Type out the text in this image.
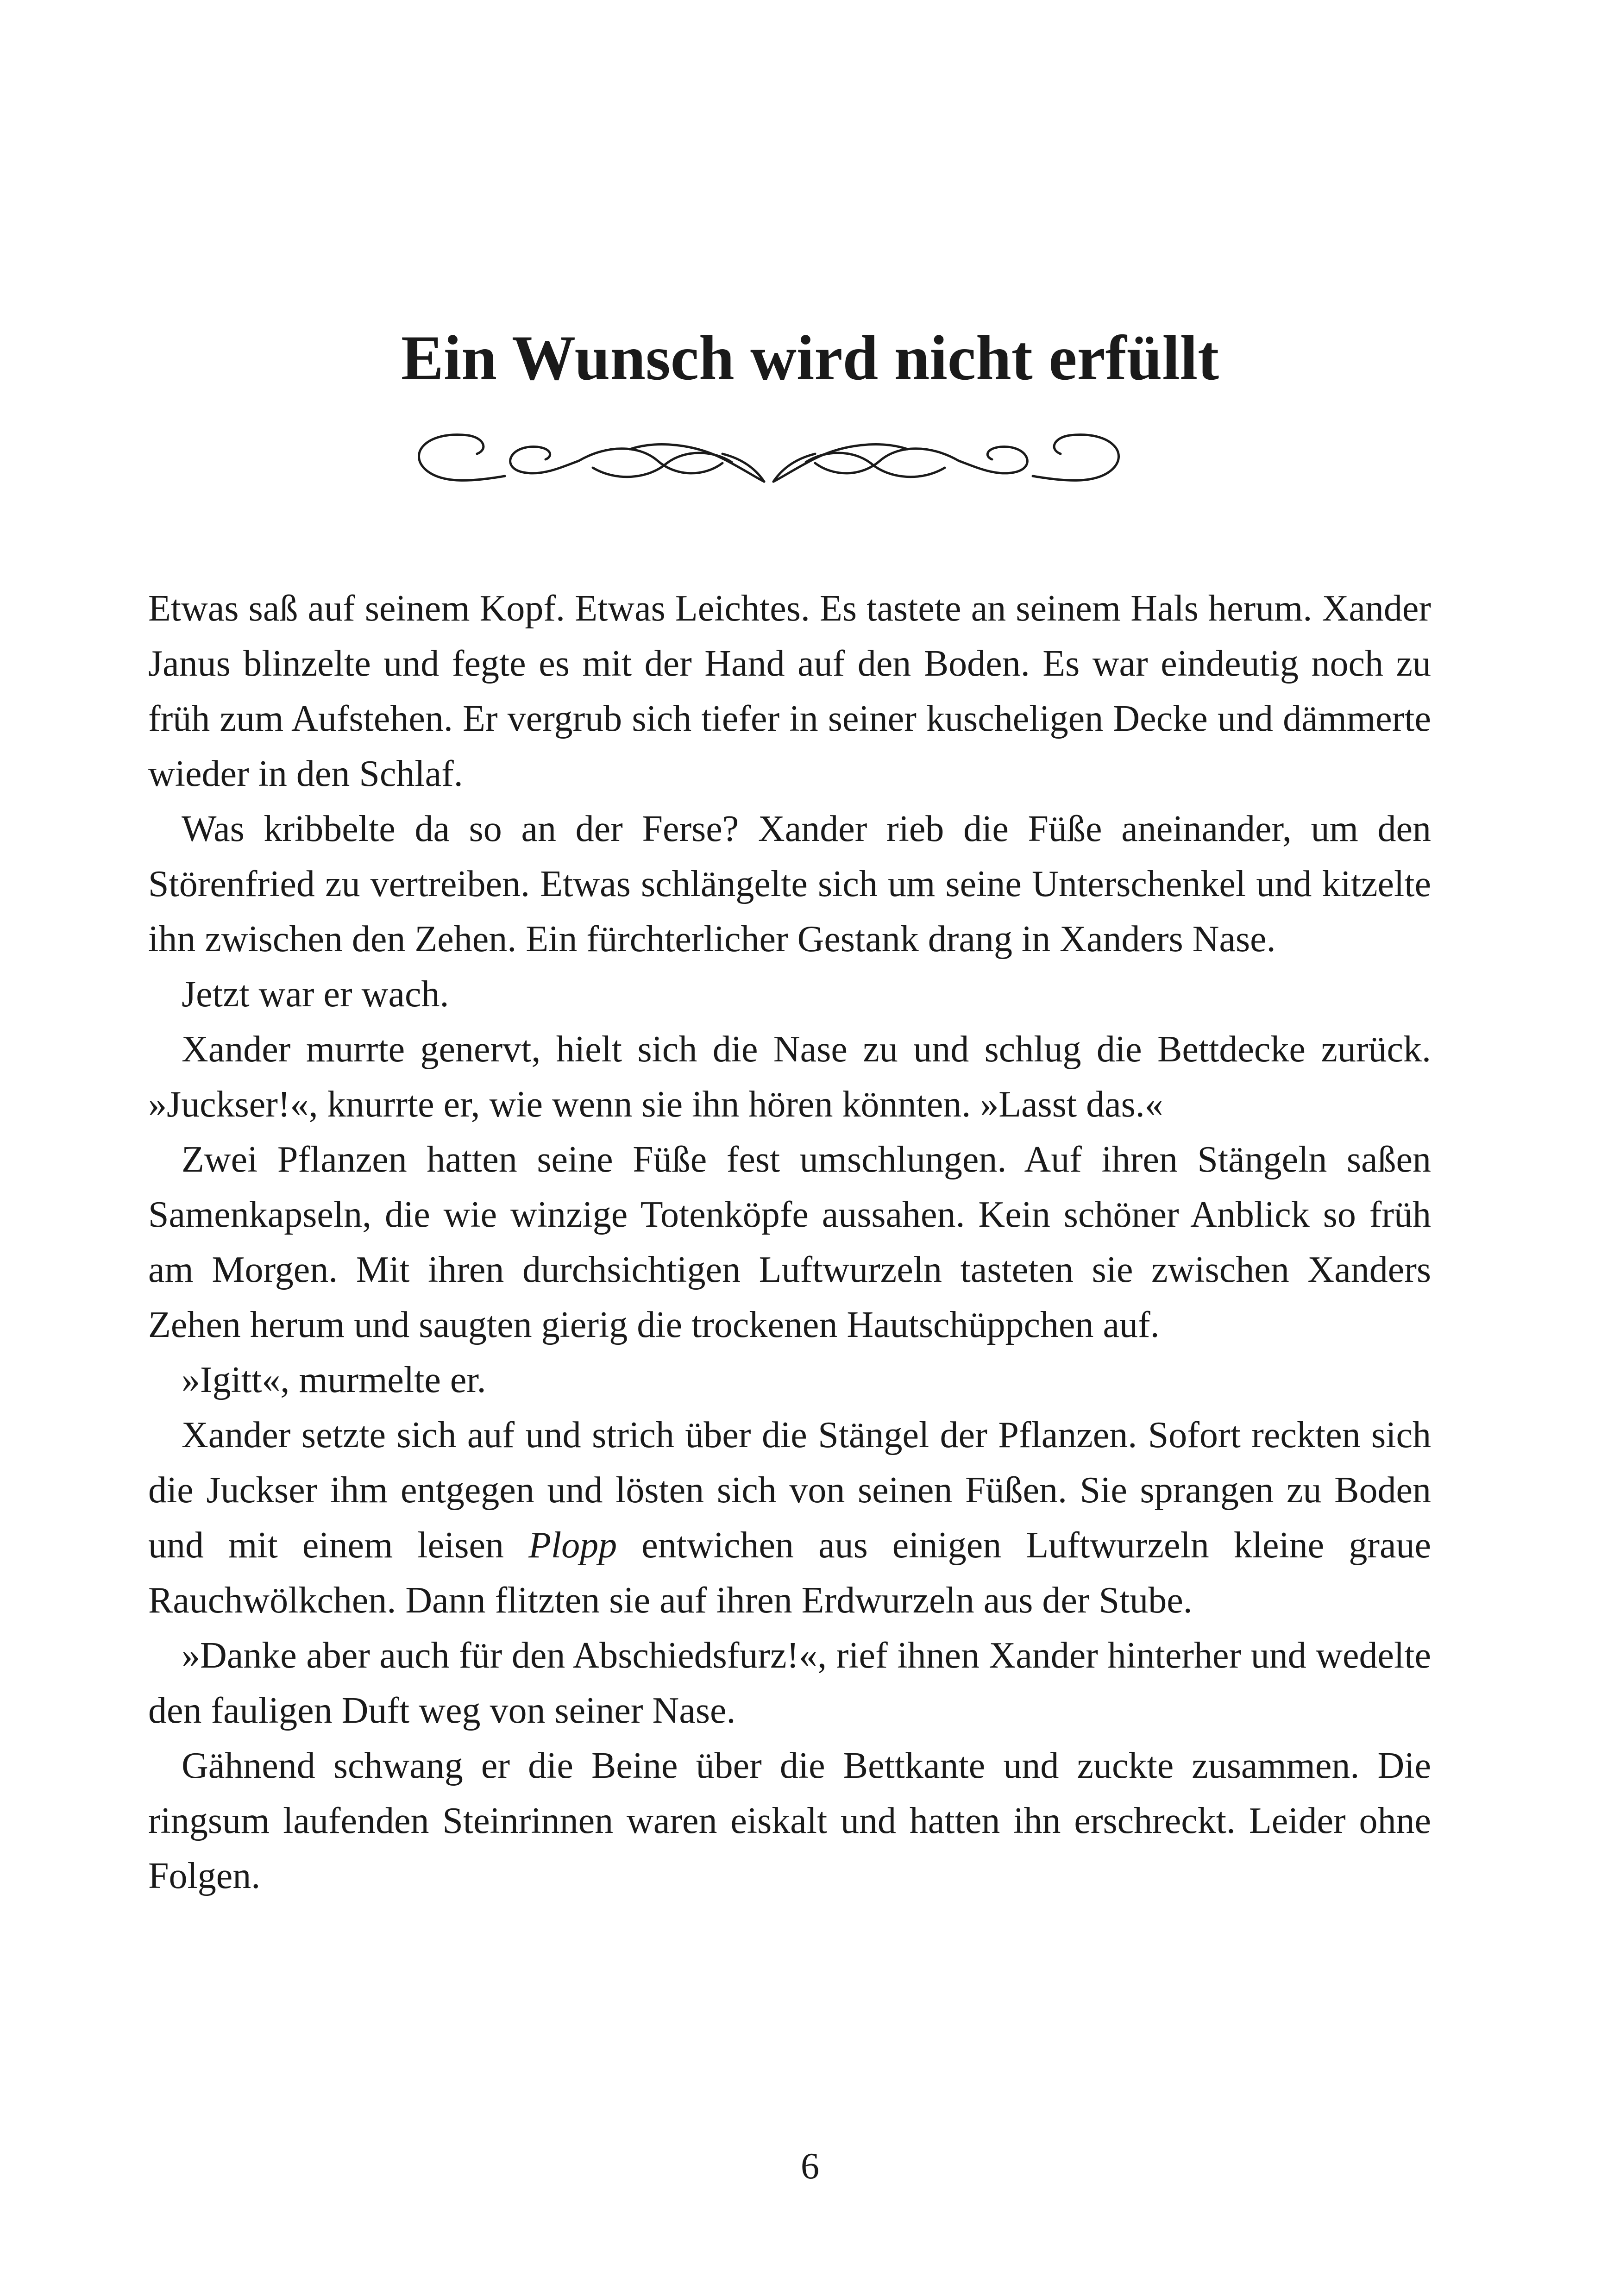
Ein Wunsch wird nicht erfüllt

Etwas saß auf seinem Kopf. Etwas Leichtes. Es tastete an seinem Hals herum. Xander Janus blinzelte und fegte es mit der Hand auf den Boden. Es war eindeutig noch zu früh zum Aufstehen. Er vergrub sich tiefer in seiner kuscheligen Decke und dämmerte wieder in den Schlaf.

Was kribbelte da so an der Ferse? Xander rieb die Füße aneinander, um den Störenfried zu vertreiben. Etwas schlängelte sich um seine Unterschenkel und kitzelte ihn zwischen den Zehen. Ein fürchterlicher Gestank drang in Xanders Nase.

Jetzt war er wach.

Xander murrte genervt, hielt sich die Nase zu und schlug die Bettdecke zurück. »Juckser!«, knurrte er, wie wenn sie ihn hören könnten. »Lasst das.«

Zwei Pflanzen hatten seine Füße fest umschlungen. Auf ihren Stängeln saßen Samenkapseln, die wie winzige Totenköpfe aussahen. Kein schöner Anblick so früh am Morgen. Mit ihren durchsichtigen Luftwurzeln tasteten sie zwischen Xanders Zehen herum und saugten gierig die trockenen Hautschüppchen auf.

»Igitt«, murmelte er.

Xander setzte sich auf und strich über die Stängel der Pflanzen. Sofort reckten sich die Juckser ihm entgegen und lösten sich von seinen Füßen. Sie sprangen zu Boden und mit einem leisen Plopp entwichen aus einigen Luftwurzeln kleine graue Rauchwölkchen. Dann flitzten sie auf ihren Erdwurzeln aus der Stube.

»Danke aber auch für den Abschiedsfurz!«, rief ihnen Xander hinterher und wedelte den fauligen Duft weg von seiner Nase.

Gähnend schwang er die Beine über die Bettkante und zuckte zusammen. Die ringsum laufenden Steinrinnen waren eiskalt und hatten ihn erschreckt. Leider ohne Folgen.

6
